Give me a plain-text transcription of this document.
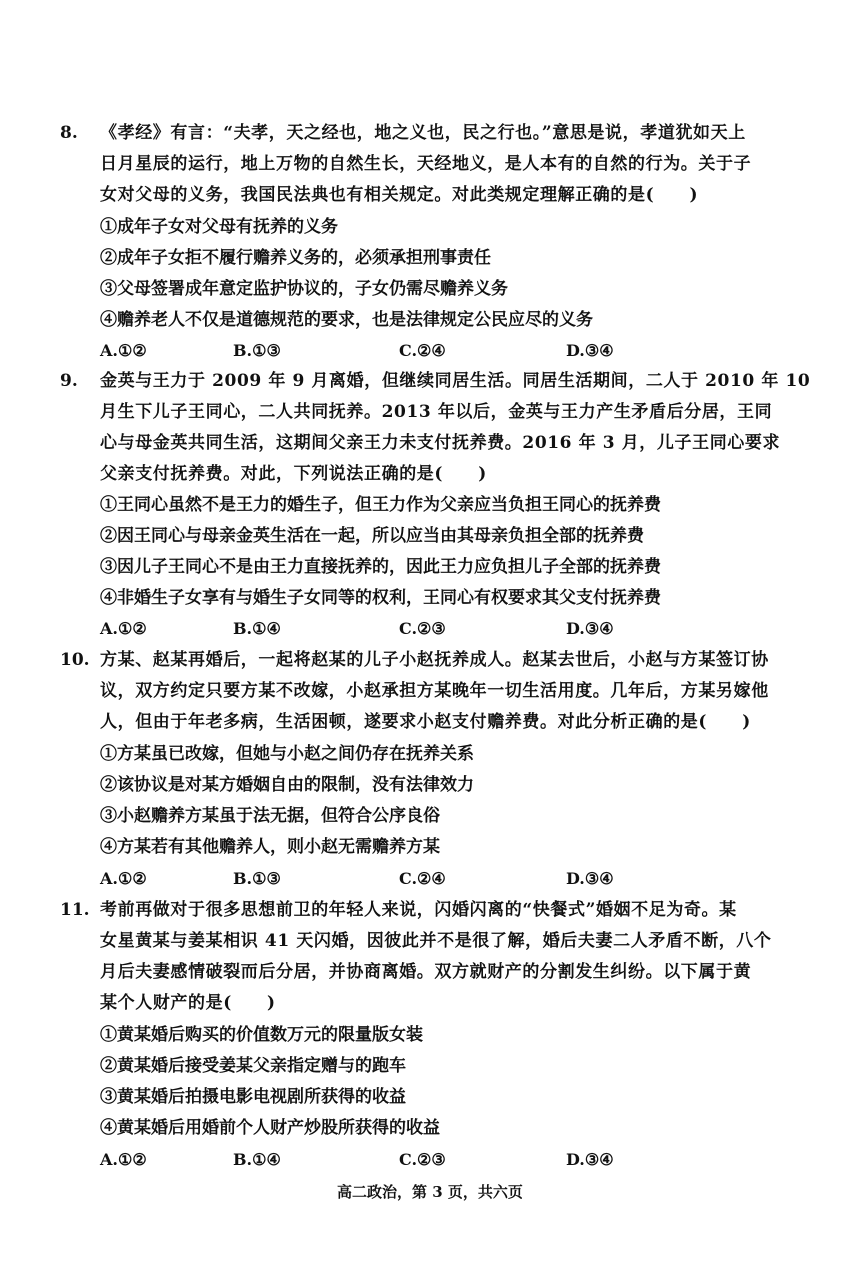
8. 《孝经》有言：“夫孝，天之经也，地之义也，民之行也。”意思是说，孝道犹如天上
日月星辰的运行，地上万物的自然生长，天经地义，是人本有的自然的行为。关于子
女对父母的义务，我国民法典也有相关规定。对此类规定理解正确的是(　　)
①成年子女对父母有抚养的义务
②成年子女拒不履行赡养义务的，必须承担刑事责任
③父母签署成年意定监护协议的，子女仍需尽赡养义务
④赡养老人不仅是道德规范的要求，也是法律规定公民应尽的义务
A.①②	B.①③	C.②④	D.③④
9. 金英与王力于 2009 年 9 月离婚，但继续同居生活。同居生活期间，二人于 2010 年 10
月生下儿子王同心，二人共同抚养。2013 年以后，金英与王力产生矛盾后分居，王同
心与母金英共同生活，这期间父亲王力未支付抚养费。2016 年 3 月，儿子王同心要求
父亲支付抚养费。对此，下列说法正确的是(　　)
①王同心虽然不是王力的婚生子，但王力作为父亲应当负担王同心的抚养费
②因王同心与母亲金英生活在一起，所以应当由其母亲负担全部的抚养费
③因儿子王同心不是由王力直接抚养的，因此王力应负担儿子全部的抚养费
④非婚生子女享有与婚生子女同等的权利，王同心有权要求其父支付抚养费
A.①②	B.①④	C.②③	D.③④
10. 方某、赵某再婚后，一起将赵某的儿子小赵抚养成人。赵某去世后，小赵与方某签订协
议，双方约定只要方某不改嫁，小赵承担方某晚年一切生活用度。几年后，方某另嫁他
人，但由于年老多病，生活困顿，遂要求小赵支付赡养费。对此分析正确的是(　　)
①方某虽已改嫁，但她与小赵之间仍存在抚养关系
②该协议是对某方婚姻自由的限制，没有法律效力
③小赵赡养方某虽于法无据，但符合公序良俗
④方某若有其他赡养人，则小赵无需赡养方某
A.①②	B.①③	C.②④	D.③④
11. 考前再做对于很多思想前卫的年轻人来说，闪婚闪离的“快餐式”婚姻不足为奇。某
女星黄某与姜某相识 41 天闪婚，因彼此并不是很了解，婚后夫妻二人矛盾不断，八个
月后夫妻感情破裂而后分居，并协商离婚。双方就财产的分割发生纠纷。以下属于黄
某个人财产的是(　　)
①黄某婚后购买的价值数万元的限量版女装
②黄某婚后接受姜某父亲指定赠与的跑车
③黄某婚后拍摄电影电视剧所获得的收益
④黄某婚后用婚前个人财产炒股所获得的收益
A.①②	B.①④	C.②③	D.③④
高二政治，第 3 页，共六页
